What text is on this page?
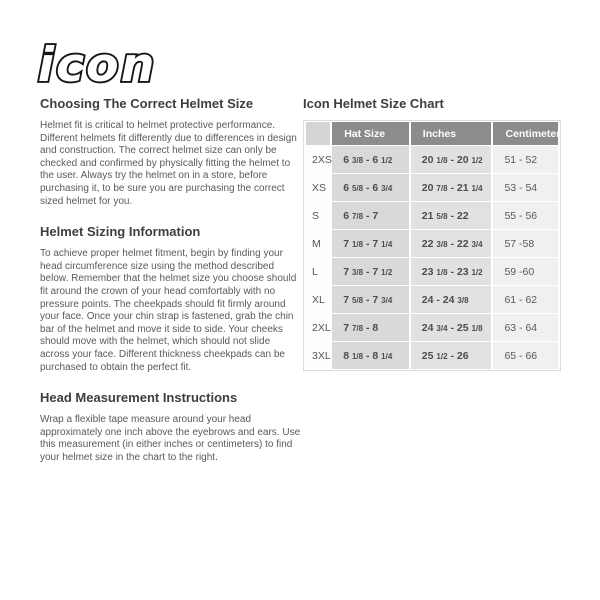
icon
Choosing The Correct Helmet Size

Helmet fit is critical to helmet protective performance. Different helmets fit differently due to differences in design and construction. The correct helmet size can only be checked and confirmed by physically fitting the helmet to the user. Always try the helmet on in a store, before purchasing it, to be sure you are purchasing the correct sized helmet for you.

Helmet Sizing Information

To achieve proper helmet fitment, begin by finding your head circumference size using the method described below. Remember that the helmet size you choose should fit around the crown of your head comfortably with no pressure points. The cheekpads should fit firmly around your face. Once your chin strap is fastened, grab the chin bar of the helmet and move it side to side. Your cheeks should move with the helmet, which should not slide across your face. Different thickness cheekpads can be purchased to obtain the perfect fit.

Head Measurement Instructions

Wrap a flexible tape measure around your head approximately one inch above the eyebrows and ears. Use this measurement (in either inches or centimeters) to find your helmet size in the chart to the right.

Icon Helmet Size Chart
	Hat Size	Inches	Centimeters
2XS	6 3/8 - 6 1/2	20 1/8 - 20 1/2	51 - 52
XS	6 5/8 - 6 3/4	20 7/8 - 21 1/4	53 - 54
S	6 7/8 - 7	21 5/8 - 22	55 - 56
M	7 1/8 - 7 1/4	22 3/8 - 22 3/4	57 -58
L	7 3/8 - 7 1/2	23 1/8 - 23 1/2	59 -60
XL	7 5/8 - 7 3/4	24 - 24 3/8	61 - 62
2XL	7 7/8 - 8	24 3/4 - 25 1/8	63 - 64
3XL	8 1/8 - 8 1/4	25 1/2 - 26	65 - 66
